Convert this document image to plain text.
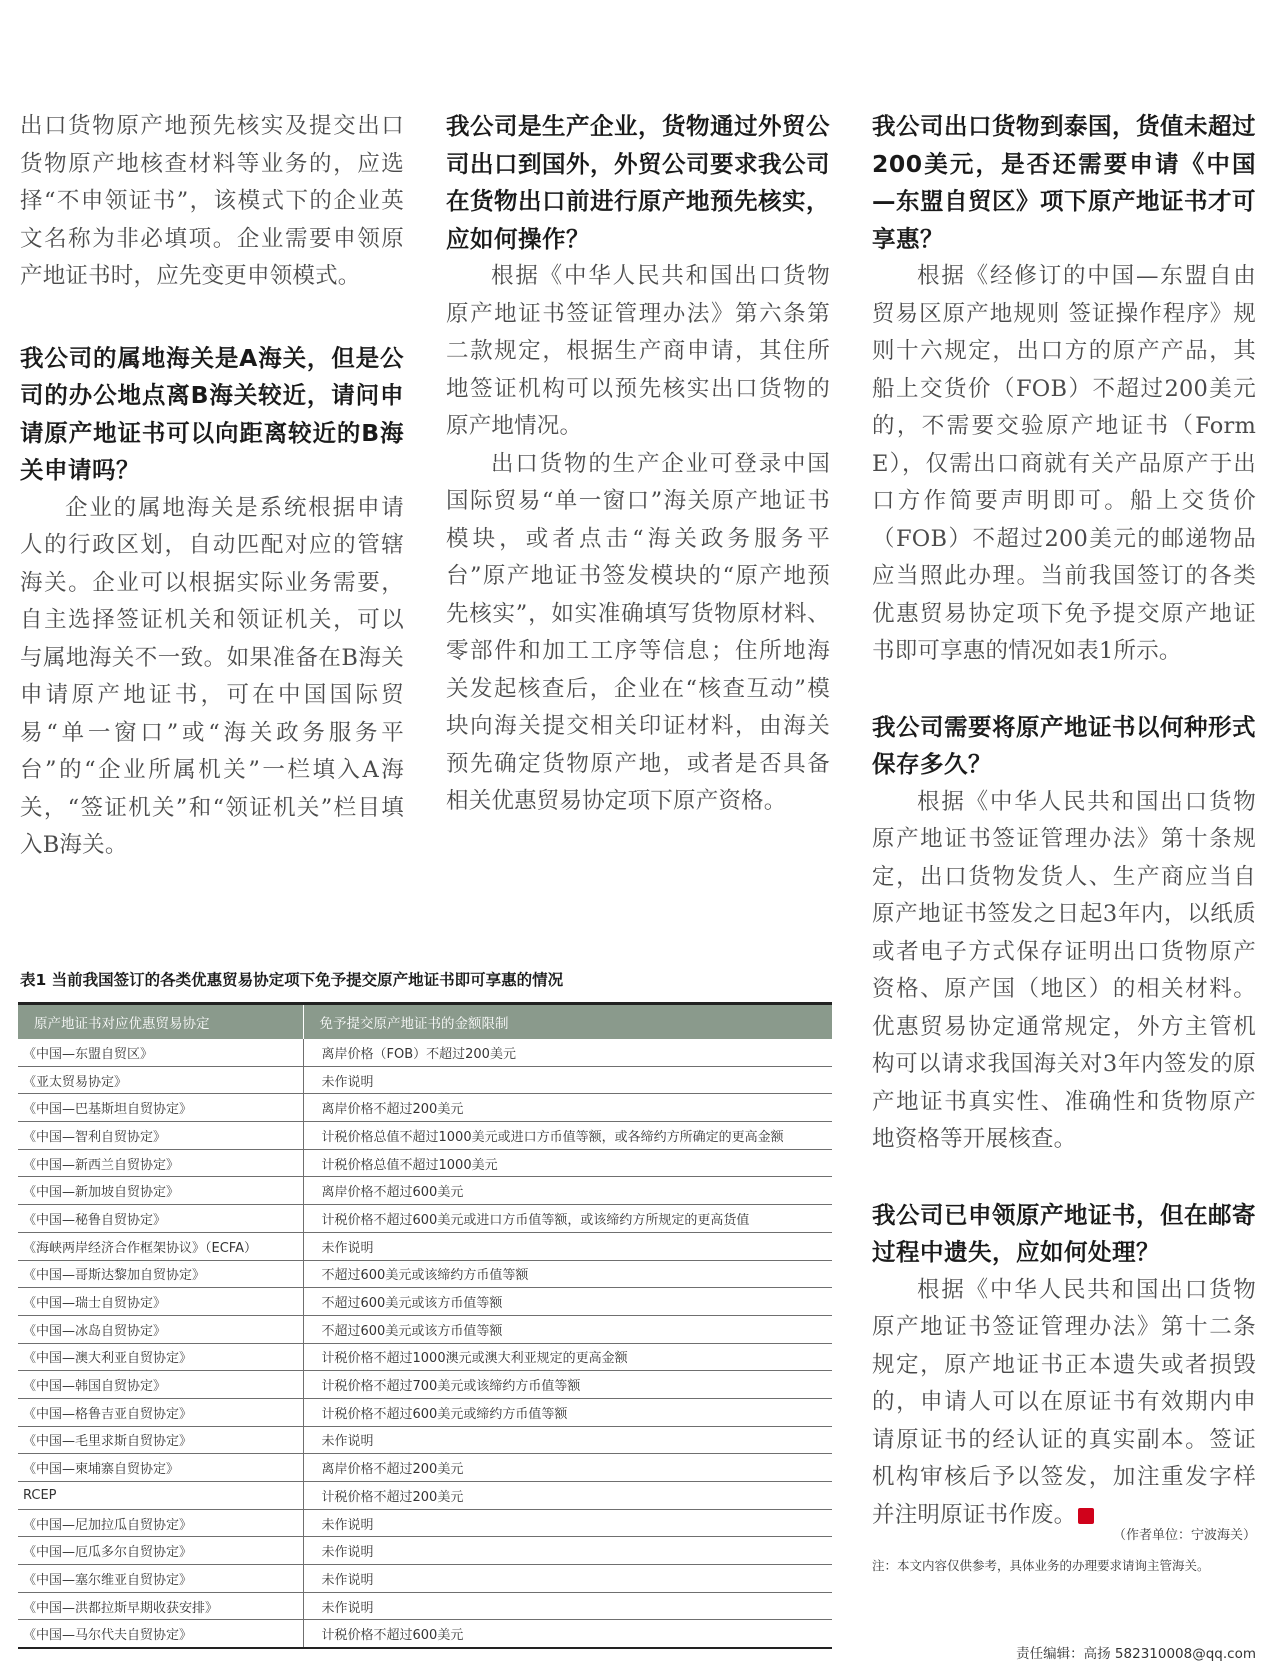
出口货物原产地预先核实及提交出口货物原产地核查材料等业务的，应选择“不申领证书”，该模式下的企业英文名称为非必填项。企业需要申领原产地证书时，应先变更申领模式。

我公司的属地海关是A海关，但是公司的办公地点离B海关较近，请问申请原产地证书可以向距离较近的B海关申请吗？

企业的属地海关是系统根据申请人的行政区划，自动匹配对应的管辖海关。企业可以根据实际业务需要，自主选择签证机关和领证机关，可以与属地海关不一致。如果准备在B海关申请原产地证书，可在中国国际贸易“单一窗口”或“海关政务服务平台”的“企业所属机关”一栏填入A海关，“签证机关”和“领证机关”栏目填入B海关。

我公司是生产企业，货物通过外贸公司出口到国外，外贸公司要求我公司在货物出口前进行原产地预先核实，应如何操作？

根据《中华人民共和国出口货物原产地证书签证管理办法》第六条第二款规定，根据生产商申请，其住所地签证机构可以预先核实出口货物的原产地情况。

出口货物的生产企业可登录中国国际贸易“单一窗口”海关原产地证书模块，或者点击“海关政务服务平台”原产地证书签发模块的“原产地预先核实”，如实准确填写货物原材料、零部件和加工工序等信息；住所地海关发起核查后，企业在“核查互动”模块向海关提交相关印证材料，由海关预先确定货物原产地，或者是否具备相关优惠贸易协定项下原产资格。

我公司出口货物到泰国，货值未超过200美元，是否还需要申请《中国—东盟自贸区》项下原产地证书才可享惠？

根据《经修订的中国—东盟自由贸易区原产地规则 签证操作程序》规则十六规定，出口方的原产产品，其船上交货价（FOB）不超过200美元的，不需要交验原产地证书（Form E），仅需出口商就有关产品原产于出口方作简要声明即可。船上交货价（FOB）不超过200美元的邮递物品应当照此办理。当前我国签订的各类优惠贸易协定项下免予提交原产地证书即可享惠的情况如表1所示。

我公司需要将原产地证书以何种形式保存多久？

根据《中华人民共和国出口货物原产地证书签证管理办法》第十条规定，出口货物发货人、生产商应当自原产地证书签发之日起3年内，以纸质或者电子方式保存证明出口货物原产资格、原产国（地区）的相关材料。优惠贸易协定通常规定，外方主管机构可以请求我国海关对3年内签发的原产地证书真实性、准确性和货物原产地资格等开展核查。

我公司已申领原产地证书，但在邮寄过程中遗失，应如何处理？

根据《中华人民共和国出口货物原产地证书签证管理办法》第十二条规定，原产地证书正本遗失或者损毁的，申请人可以在原证书有效期内申请原证书的经认证的真实副本。签证机构审核后予以签发，加注重发字样并注明原证书作废。	C

（作者单位：宁波海关）
注：本文内容仅供参考，具体业务的办理要求请询主管海关。
表1 当前我国签订的各类优惠贸易协定项下免予提交原产地证书即可享惠的情况
原产地证书对应优惠贸易协定	免予提交原产地证书的金额限制
《中国—东盟自贸区》	离岸价格（FOB）不超过200美元
《亚太贸易协定》	未作说明
《中国—巴基斯坦自贸协定》	离岸价格不超过200美元
《中国—智利自贸协定》	计税价格总值不超过1000美元或进口方币值等额，或各缔约方所确定的更高金额
《中国—新西兰自贸协定》	计税价格总值不超过1000美元
《中国—新加坡自贸协定》	离岸价格不超过600美元
《中国—秘鲁自贸协定》	计税价格不超过600美元或进口方币值等额，或该缔约方所规定的更高货值
《海峡两岸经济合作框架协议》（ECFA）	未作说明
《中国—哥斯达黎加自贸协定》	不超过600美元或该缔约方币值等额
《中国—瑞士自贸协定》	不超过600美元或该方币值等额
《中国—冰岛自贸协定》	不超过600美元或该方币值等额
《中国—澳大利亚自贸协定》	计税价格不超过1000澳元或澳大利亚规定的更高金额
《中国—韩国自贸协定》	计税价格不超过700美元或该缔约方币值等额
《中国—格鲁吉亚自贸协定》	计税价格不超过600美元或缔约方币值等额
《中国—毛里求斯自贸协定》	未作说明
《中国—柬埔寨自贸协定》	离岸价格不超过200美元
RCEP	计税价格不超过200美元
《中国—尼加拉瓜自贸协定》	未作说明
《中国—厄瓜多尔自贸协定》	未作说明
《中国—塞尔维亚自贸协定》	未作说明
《中国—洪都拉斯早期收获安排》	未作说明
《中国—马尔代夫自贸协定》	计税价格不超过600美元
责任编辑：高扬 582310008@qq.com
